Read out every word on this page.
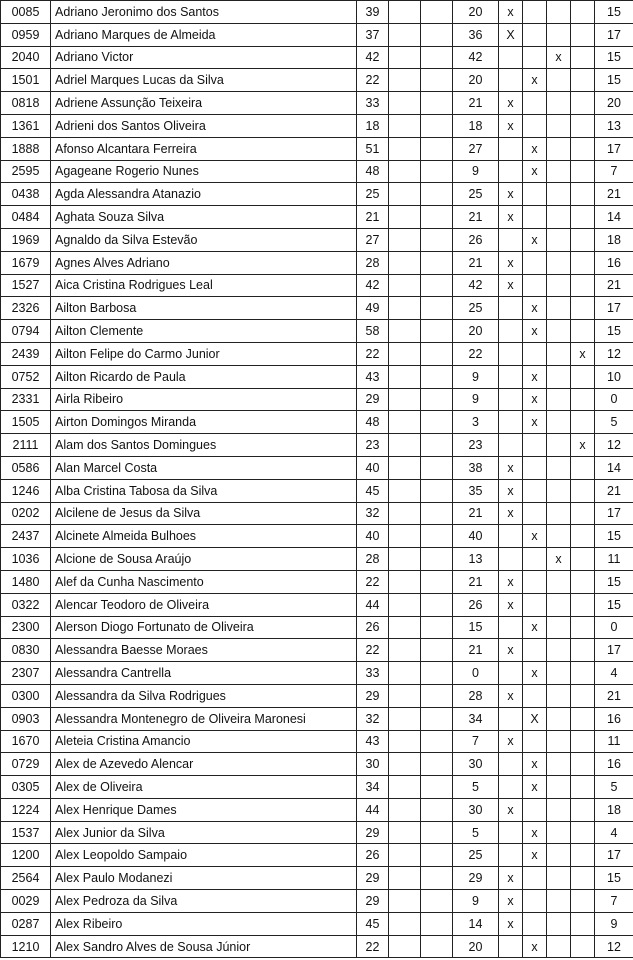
0085	Adriano Jeronimo dos Santos	39			20	x				15
0959	Adriano Marques de Almeida	37			36	X				17
2040	Adriano Victor	42			42			x		15
1501	Adriel Marques Lucas da Silva	22			20		x			15
0818	Adriene Assunção Teixeira	33			21	x				20
1361	Adrieni dos Santos Oliveira	18			18	x				13
1888	Afonso Alcantara Ferreira	51			27		x			17
2595	Agageane Rogerio Nunes	48			9		x			7
0438	Agda Alessandra Atanazio	25			25	x				21
0484	Aghata Souza Silva	21			21	x				14
1969	Agnaldo da Silva Estevão	27			26		x			18
1679	Agnes Alves Adriano	28			21	x				16
1527	Aica Cristina Rodrigues Leal	42			42	x				21
2326	Ailton Barbosa	49			25		x			17
0794	Ailton Clemente	58			20		x			15
2439	Ailton Felipe do Carmo Junior	22			22				x	12
0752	Ailton Ricardo de Paula	43			9		x			10
2331	Airla Ribeiro	29			9		x			0
1505	Airton Domingos Miranda	48			3		x			5
2111	Alam dos Santos Domingues	23			23				x	12
0586	Alan Marcel Costa	40			38	x				14
1246	Alba Cristina Tabosa da Silva	45			35	x				21
0202	Alcilene de Jesus da Silva	32			21	x				17
2437	Alcinete Almeida Bulhoes	40			40		x			15
1036	Alcione de Sousa Araújo	28			13			x		11
1480	Alef da Cunha Nascimento	22			21	x				15
0322	Alencar Teodoro de Oliveira	44			26	x				15
2300	Alerson Diogo Fortunato de Oliveira	26			15		x			0
0830	Alessandra Baesse Moraes	22			21	x				17
2307	Alessandra Cantrella	33			0		x			4
0300	Alessandra da Silva Rodrigues	29			28	x				21
0903	Alessandra Montenegro de Oliveira Maronesi	32			34		X			16
1670	Aleteia Cristina Amancio	43			7	x				11
0729	Alex de Azevedo Alencar	30			30		x			16
0305	Alex de Oliveira	34			5		x			5
1224	Alex Henrique Dames	44			30	x				18
1537	Alex Junior da Silva	29			5		x			4
1200	Alex Leopoldo Sampaio	26			25		x			17
2564	Alex Paulo Modanezi	29			29	x				15
0029	Alex Pedroza da Silva	29			9	x				7
0287	Alex Ribeiro	45			14	x				9
1210	Alex Sandro Alves de Sousa Júnior	22			20		x			12
